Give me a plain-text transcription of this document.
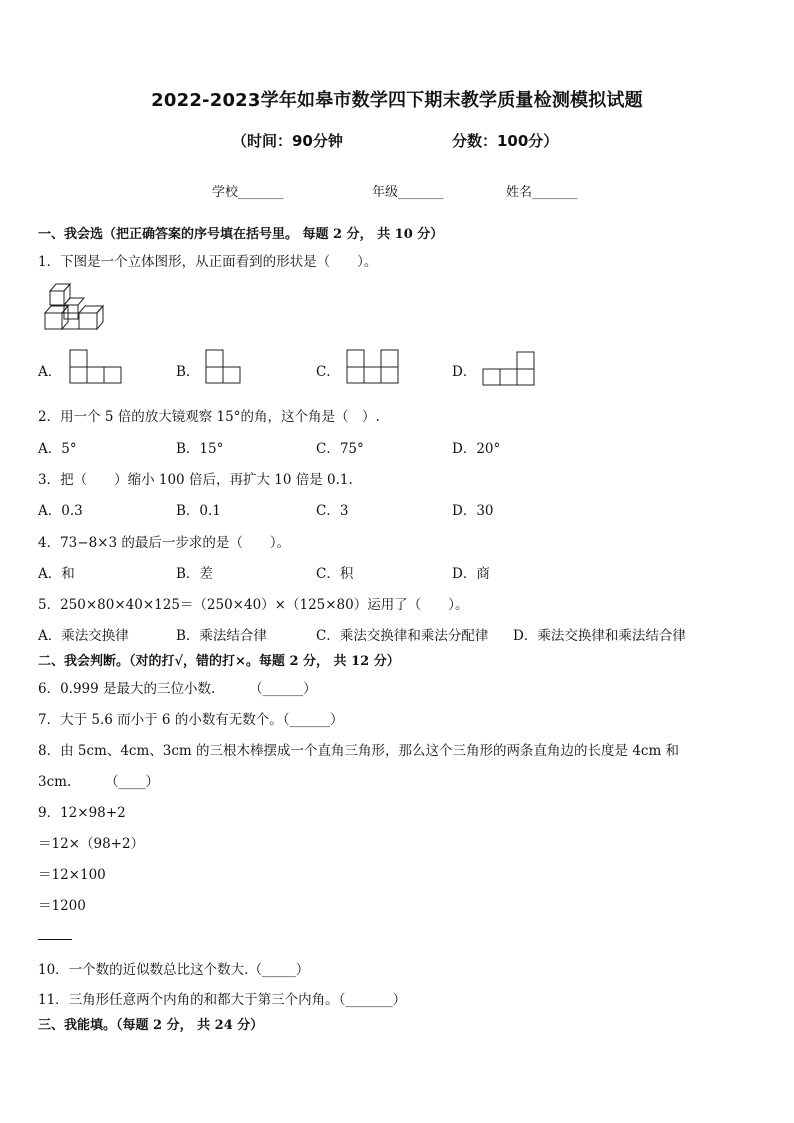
2022-2023学年如皋市数学四下期末教学质量检测模拟试题
（时间：90分钟	分数：100分）
学校_______	年级_______	姓名_______
一、我会选（把正确答案的序号填在括号里。 每题 2 分， 共 10 分）
1．下图是一个立体图形，从正面看到的形状是（　　）。
A．	B．	C．	D．
2．用一个 5 倍的放大镜观察 15°的角，这个角是（　）.
A．5°	B．15°	C．75°	D．20°
3．把（　　）缩小 100 倍后，再扩大 10 倍是 0.1.
A．0.3	B．0.1	C．3	D．30
4．73−8×3 的最后一步求的是（　　）。
A．和	B．差	C．积	D．商
5．250×80×40×125＝（250×40）×（125×80）运用了（　　）。
A．乘法交换律	B．乘法结合律	C．乘法交换律和乘法分配律 D．乘法交换律和乘法结合律
二、我会判断。（对的打√，错的打×。每题 2 分， 共 12 分）
6．0.999 是最大的三位小数.　　　（______）
7．大于 5.6 而小于 6 的小数有无数个。（______）
8．由 5cm、4cm、3cm 的三根木棒摆成一个直角三角形，那么这个三角形的两条直角边的长度是 4cm 和
3cm.　　　（____）
9．12×98+2
＝12×（98+2）
＝12×100
＝1200
10．一个数的近似数总比这个数大.（_____）
11．三角形任意两个内角的和都大于第三个内角。（_______）
三、我能填。（每题 2 分， 共 24 分）
